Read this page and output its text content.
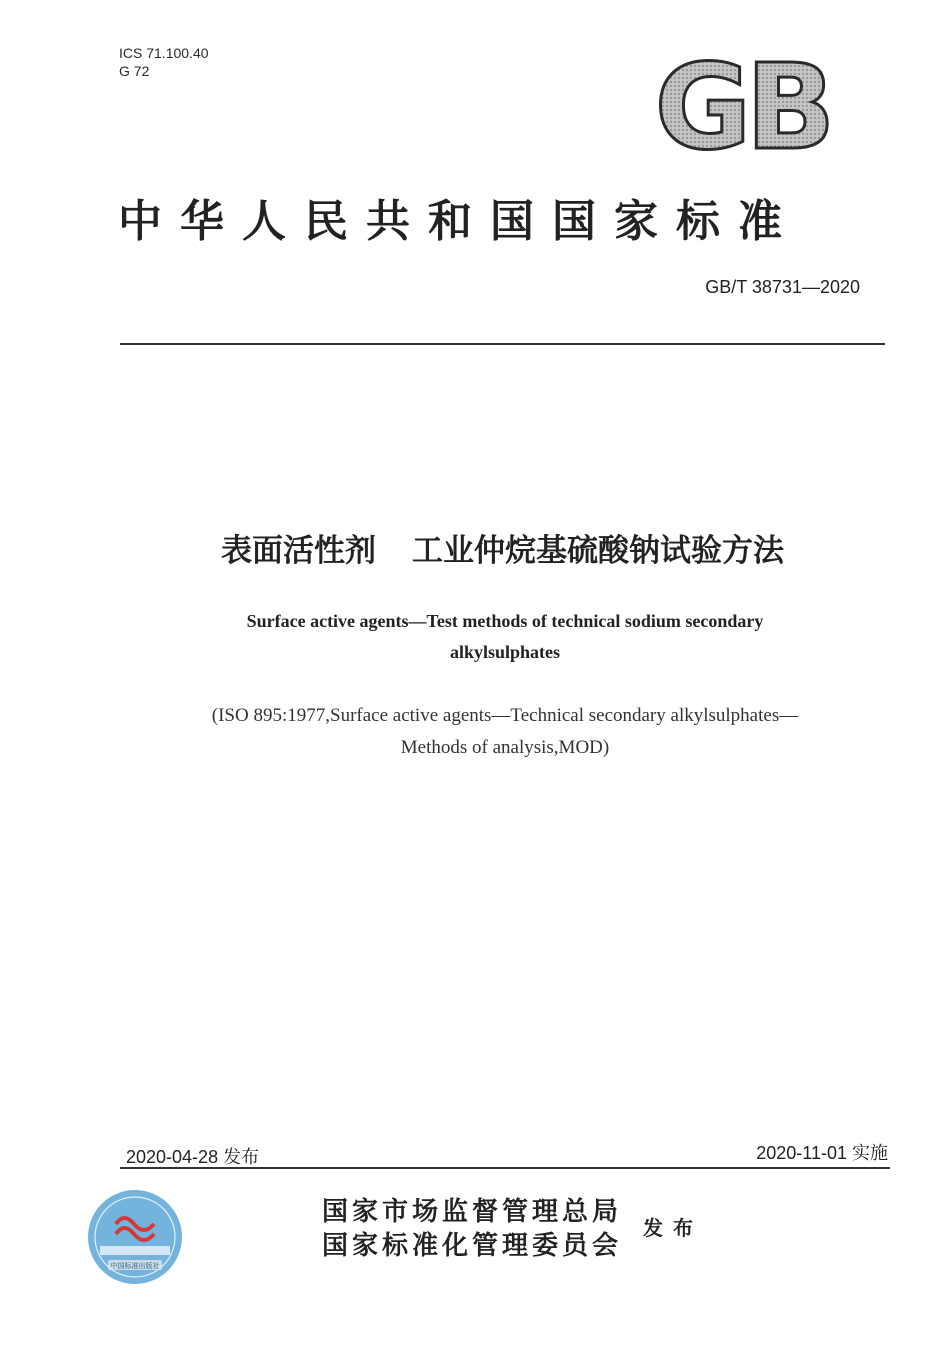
ICS 71.100.40
G 72	GB
中华人民共和国国家标准
GB/T 38731—2020
表面活性剂 工业仲烷基硫酸钠试验方法
Surface active agents—Test methods of technical sodium secondary
alkylsulphates
(ISO 895:1977,Surface active agents—Technical secondary alkylsulphates—
Methods of analysis,MOD)
2020-04-28 发布	2020-11-01 实施
中国标准出版社
国家市场监督管理总局
国家标准化管理委员会
发布
